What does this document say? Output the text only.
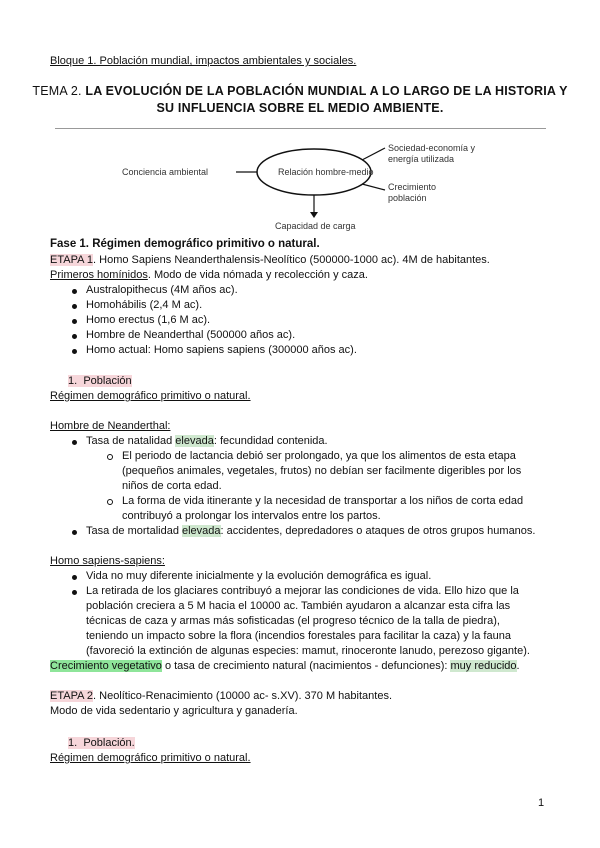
Bloque 1. Población mundial, impactos ambientales y sociales.
TEMA 2. LA EVOLUCIÓN DE LA POBLACIÓN MUNDIAL A LO LARGO DE LA HISTORIA Y
SU INFLUENCIA SOBRE EL MEDIO AMBIENTE.
Conciencia ambiental	Relación hombre-medio
Sociedad-economía y
energía utilizada
Crecimiento
población
Capacidad de carga
Fase 1. Régimen demográfico primitivo o natural.
ETAPA 1. Homo Sapiens Neanderthalensis-Neolítico (500000-1000 ac). 4M de habitantes.
Primeros homínidos. Modo de vida nómada y recolección y caza.
Australopithecus (4M años ac).
Homohábilis (2,4 M ac).
Homo erectus (1,6 M ac).
Hombre de Neanderthal (500000 años ac).
Homo actual: Homo sapiens sapiens (300000 años ac).
1. Población
Régimen demográfico primitivo o natural.
Hombre de Neanderthal:
Tasa de natalidad elevada: fecundidad contenida.
El periodo de lactancia debió ser prolongado, ya que los alimentos de esta etapa
(pequeños animales, vegetales, frutos) no debían ser facilmente digeribles por los
niños de corta edad.
La forma de vida itinerante y la necesidad de transportar a los niños de corta edad
contribuyó a prolongar los intervalos entre los partos.
Tasa de mortalidad elevada: accidentes, depredadores o ataques de otros grupos humanos.
Homo sapiens-sapiens:
Vida no muy diferente inicialmente y la evolución demográfica es igual.
La retirada de los glaciares contribuyó a mejorar las condiciones de vida. Ello hizo que la
población creciera a 5 M hacia el 10000 ac. También ayudaron a alcanzar esta cifra las
técnicas de caza y armas más sofisticadas (el progreso técnico de la talla de piedra),
teniendo un impacto sobre la flora (incendios forestales para facilitar la caza) y la fauna
(favoreció la extinción de algunas especies: mamut, rinoceronte lanudo, perezoso gigante).
Crecimiento vegetativo o tasa de crecimiento natural (nacimientos - defunciones): muy reducido.
ETAPA 2. Neolítico-Renacimiento (10000 ac- s.XV). 370 M habitantes.
Modo de vida sedentario y agricultura y ganadería.
1. Población.
Régimen demográfico primitivo o natural.
1
